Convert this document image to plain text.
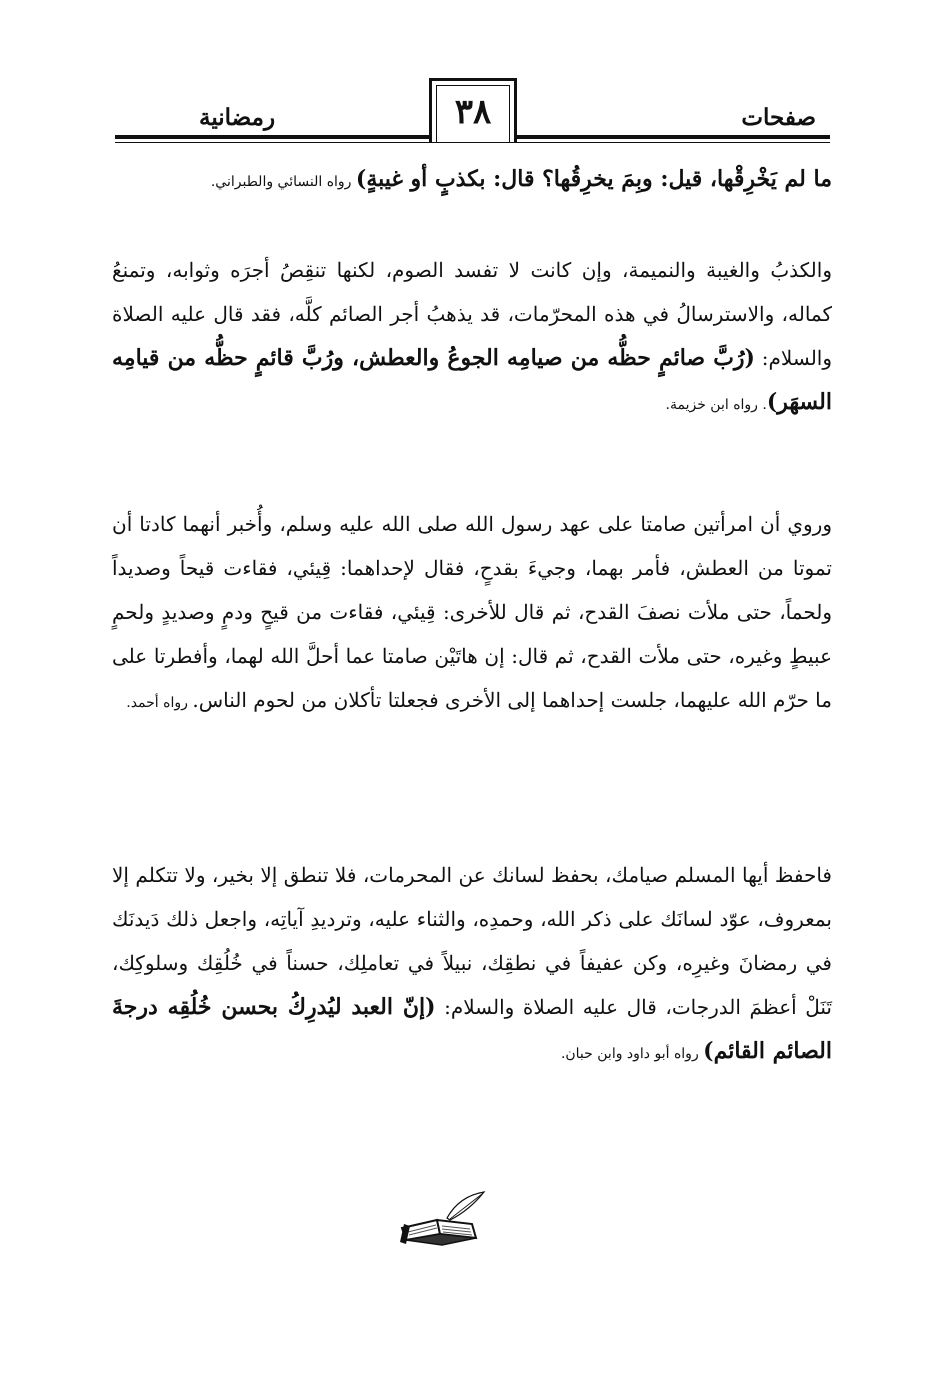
صفحات
٣٨
رمضانية
ما لم يَخْرِقْها، قيل: وبِمَ يخرِقُها؟ قال: بكذبٍ أو غيبةٍ) رواه النسائي والطبراني.
والكذبُ والغيبة والنميمة، وإن كانت لا تفسد الصوم، لكنها تنقِصُ أجرَه وثوابه، وتمنعُ كماله، والاسترسالُ في هذه المحرّمات، قد يذهبُ أجر الصائم كلَّه، فقد قال عليه الصلاة والسلام: (رُبَّ صائمٍ حظُّه من صيامِه الجوعُ والعطش، ورُبَّ قائمٍ حظُّه من قيامِه السهَر). رواه ابن خزيمة.
وروي أن امرأتين صامتا على عهد رسول الله صلى الله عليه وسلم، وأُخبر أنهما كادتا أن تموتا من العطش، فأمر بهما، وجيءَ بقدحٍ، فقال لإحداهما: قِيئي، فقاءت قيحاً وصديداً ولحماً، حتى ملأت نصفَ القدح، ثم قال للأخرى: قِيئي، فقاءت من قيحٍ ودمٍ وصديدٍ ولحمٍ عبيطٍ وغيره، حتى ملأت القدح، ثم قال: إن هاتَيْن صامتا عما أحلَّ الله لهما، وأفطرتا على ما حرّم الله عليهما، جلست إحداهما إلى الأخرى فجعلتا تأكلان من لحوم الناس. رواه أحمد.
فاحفظ أيها المسلم صيامك، بحفظ لسانك عن المحرمات، فلا تنطق إلا بخير، ولا تتكلم إلا بمعروف، عوّد لسانَك على ذكر الله، وحمدِه، والثناء عليه، وترديدِ آياتِه، واجعل ذلك دَيدنَك في رمضانَ وغيرِه، وكن عفيفاً في نطقِك، نبيلاً في تعاملِك، حسناً في خُلُقِك وسلوكِك، تَنَلْ أعظمَ الدرجات، قال عليه الصلاة والسلام: (إنّ العبد ليُدرِكُ بحسن خُلُقِه درجةَ الصائم القائم) رواه أبو داود وابن حبان.
